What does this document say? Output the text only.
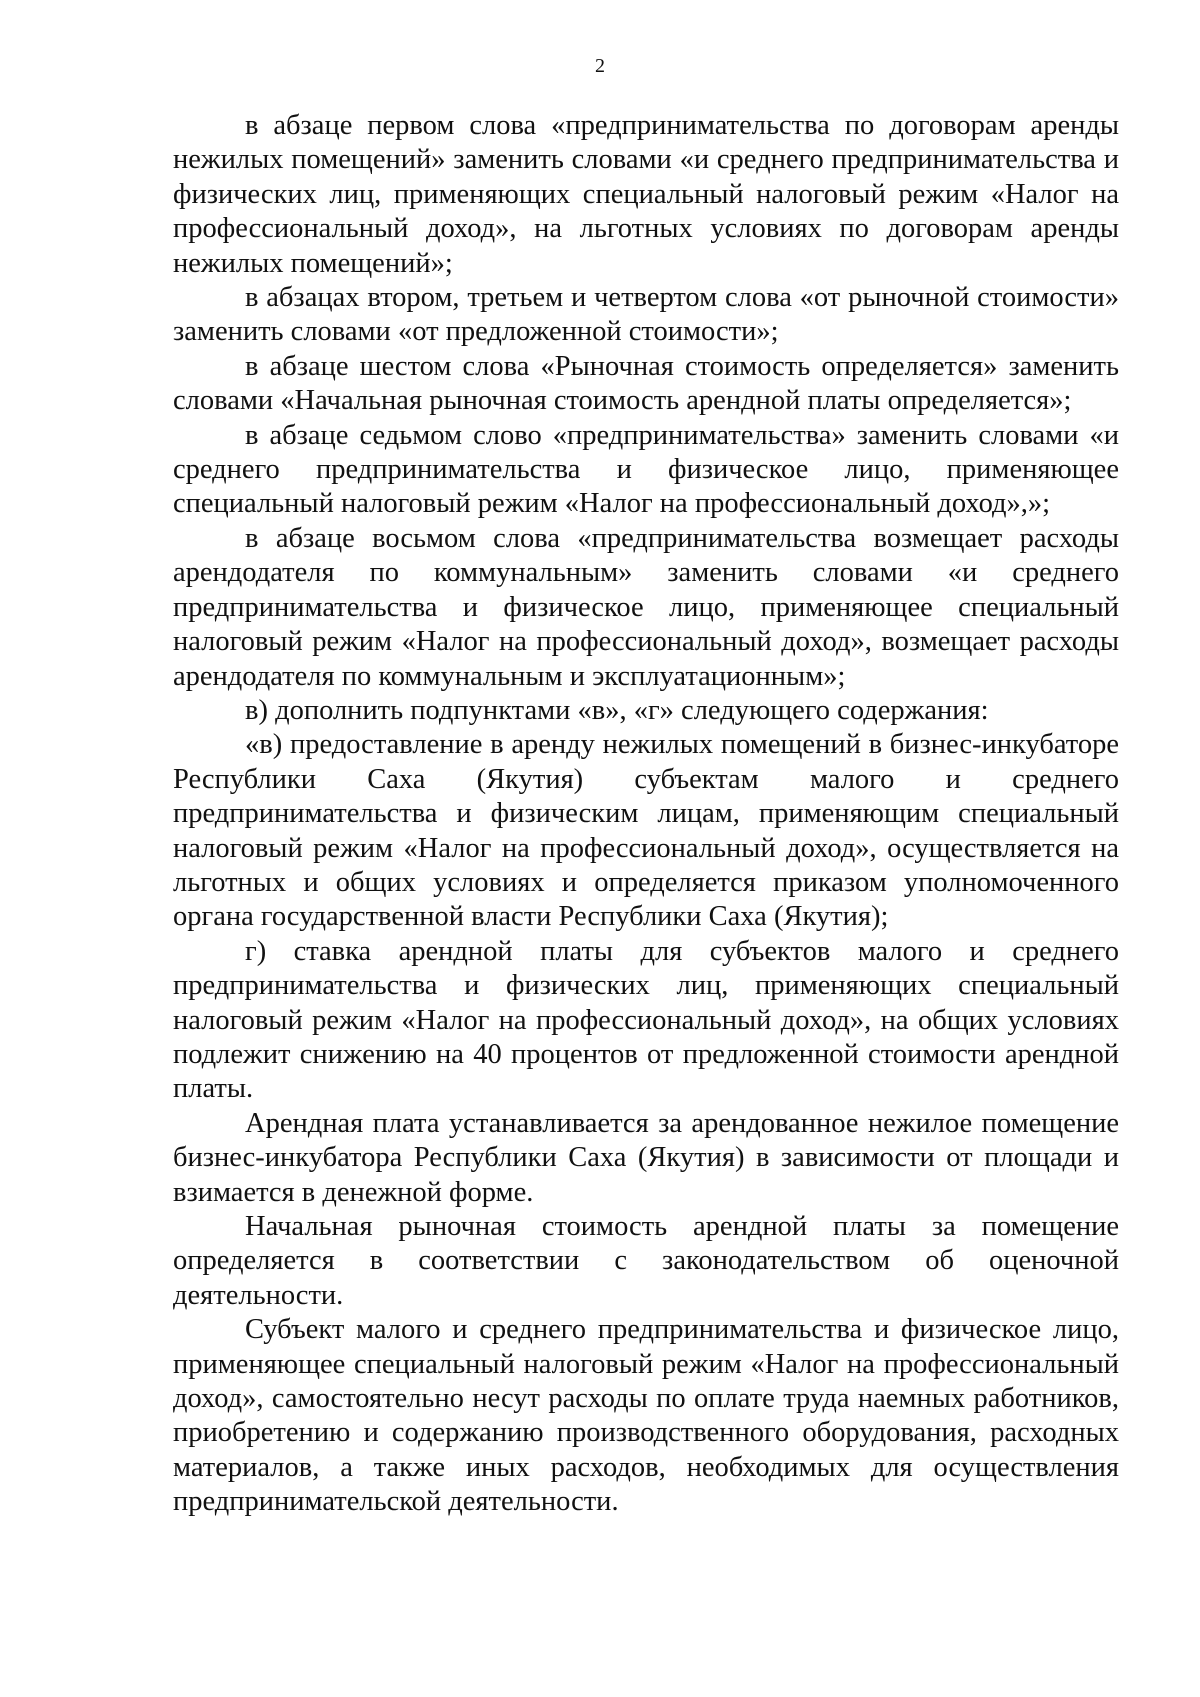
2

в абзаце первом слова «предпринимательства по договорам аренды нежилых помещений» заменить словами «и среднего предпринимательства и физических лиц, применяющих специальный налоговый режим «Налог на профессиональный доход», на льготных условиях по договорам аренды нежилых помещений»;

в абзацах втором, третьем и четвертом слова «от рыночной стоимости» заменить словами «от предложенной стоимости»;

в абзаце шестом слова «Рыночная стоимость определяется» заменить словами «Начальная рыночная стоимость арендной платы определяется»;

в абзаце седьмом слово «предпринимательства» заменить словами «и среднего предпринимательства и физическое лицо, применяющее специальный налоговый режим «Налог на профессиональный доход»,»;

в абзаце восьмом слова «предпринимательства возмещает расходы арендодателя по коммунальным» заменить словами «и среднего предпринимательства и физическое лицо, применяющее специальный налоговый режим «Налог на профессиональный доход», возмещает расходы арендодателя по коммунальным и эксплуатационным»;

в) дополнить подпунктами «в», «г» следующего содержания:

«в) предоставление в аренду нежилых помещений в бизнес-инкубаторе Республики Саха (Якутия) субъектам малого и среднего предпринимательства и физическим лицам, применяющим специальный налоговый режим «Налог на профессиональный доход», осуществляется на льготных и общих условиях и определяется приказом уполномоченного органа государственной власти Республики Саха (Якутия);

г) ставка арендной платы для субъектов малого и среднего предпринимательства и физических лиц, применяющих специальный налоговый режим «Налог на профессиональный доход», на общих условиях подлежит снижению на 40 процентов от предложенной стоимости арендной платы.

Арендная плата устанавливается за арендованное нежилое помещение бизнес-инкубатора Республики Саха (Якутия) в зависимости от площади и взимается в денежной форме.

Начальная рыночная стоимость арендной платы за помещение определяется в соответствии с законодательством об оценочной деятельности.

Субъект малого и среднего предпринимательства и физическое лицо, применяющее специальный налоговый режим «Налог на профессиональный доход», самостоятельно несут расходы по оплате труда наемных работников, приобретению и содержанию производственного оборудования, расходных материалов, а также иных расходов, необходимых для осуществления предпринимательской деятельности.
